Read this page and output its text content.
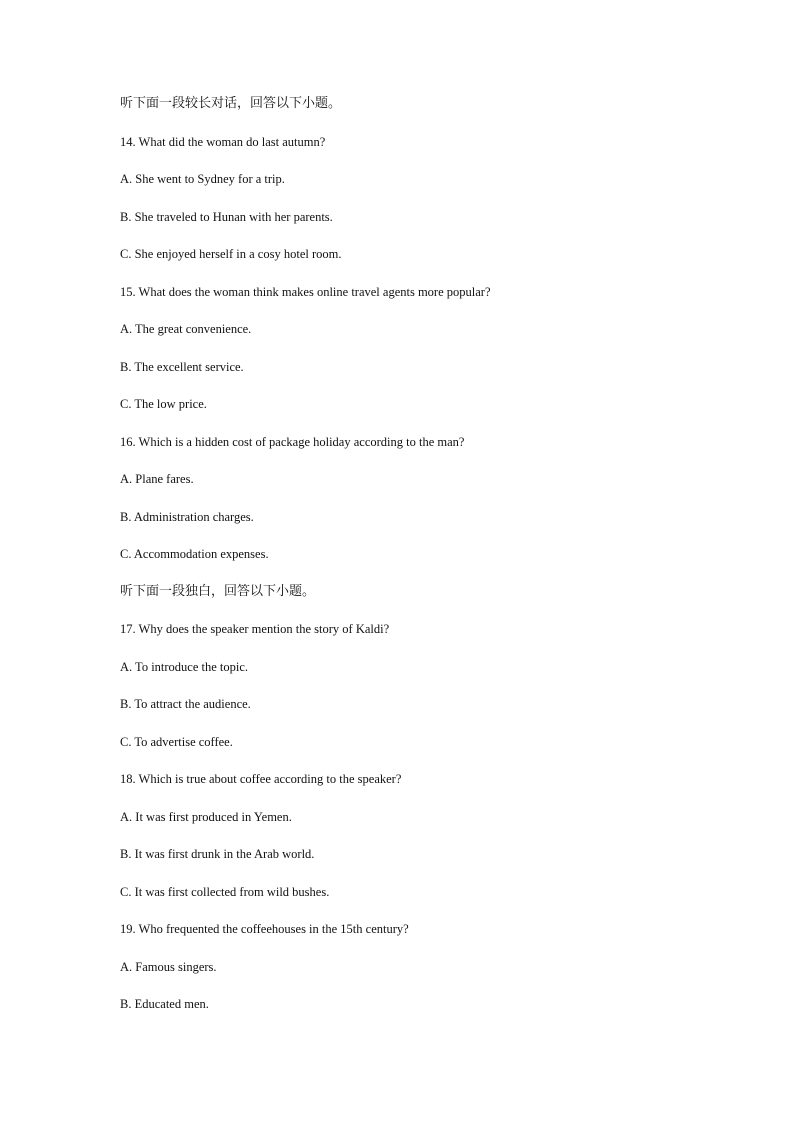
听下面一段较长对话，回答以下小题。
14. What did the woman do last autumn?
A. She went to Sydney for a trip.
B. She traveled to Hunan with her parents.
C. She enjoyed herself in a cosy hotel room.
15. What does the woman think makes online travel agents more popular?
A. The great convenience.
B. The excellent service.
C. The low price.
16. Which is a hidden cost of package holiday according to the man?
A. Plane fares.
B. Administration charges.
C. Accommodation expenses.
听下面一段独白，回答以下小题。
17. Why does the speaker mention the story of Kaldi?
A. To introduce the topic.
B. To attract the audience.
C. To advertise coffee.
18. Which is true about coffee according to the speaker?
A. It was first produced in Yemen.
B. It was first drunk in the Arab world.
C. It was first collected from wild bushes.
19. Who frequented the coffeehouses in the 15th century?
A. Famous singers.
B. Educated men.
